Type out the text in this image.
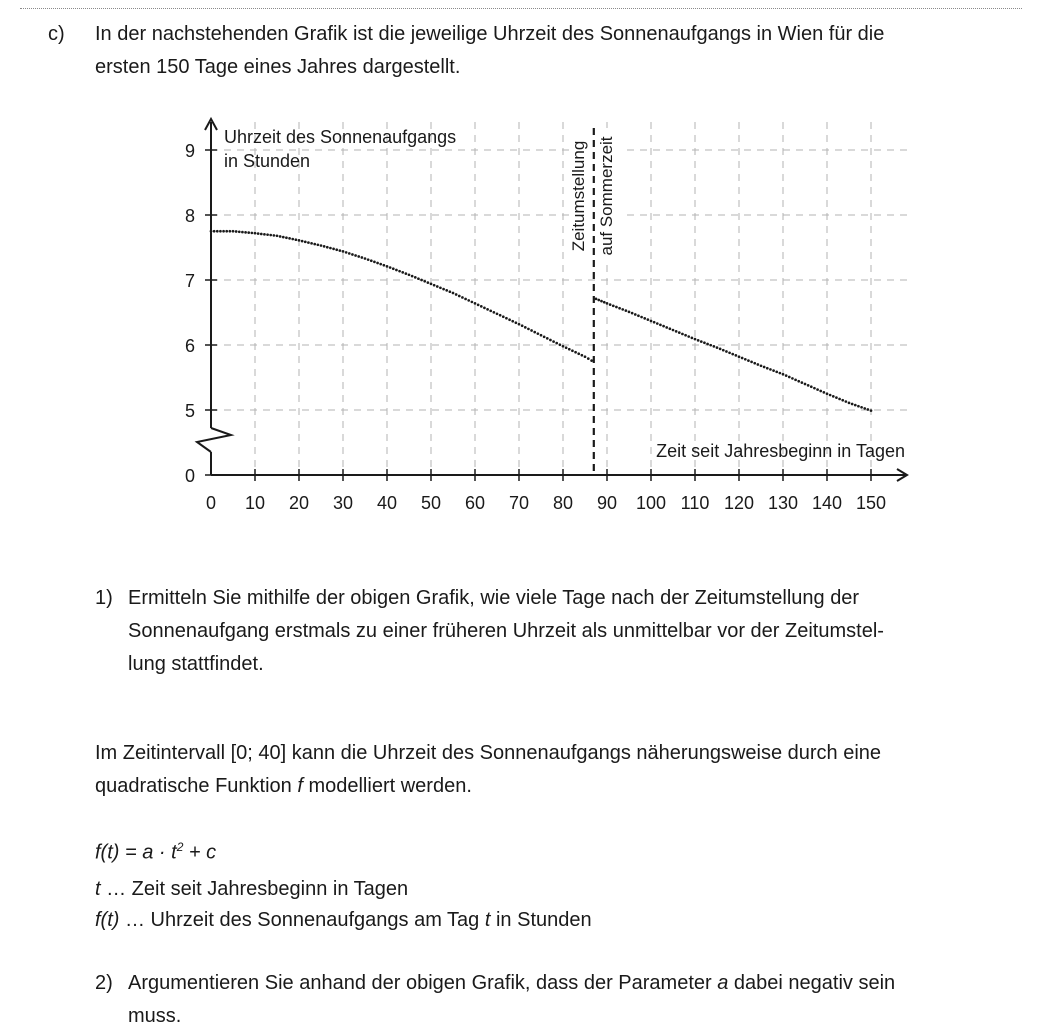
c) In der nachstehenden Grafik ist die jeweilige Uhrzeit des Sonnenaufgangs in Wien für die
ersten 150 Tage eines Jahres dargestellt.
0 10 20 30 40 50 60 70 80 90 100 110 120 130 140 150
0
5
6
7
8
9
Uhrzeit des Sonnenaufgangs
in Stunden
Zeit seit Jahresbeginn in Tagen
Zeitumstellung auf Sommerzeit
1) Ermitteln Sie mithilfe der obigen Grafik, wie viele Tage nach der Zeitumstellung der
Sonnenaufgang erstmals zu einer früheren Uhrzeit als unmittelbar vor der Zeitumstel-
lung stattfindet.
Im Zeitintervall [0; 40] kann die Uhrzeit des Sonnenaufgangs näherungsweise durch eine
quadratische Funktion f modelliert werden.
$f(t) = a \cdot t^2 + c$
t … Zeit seit Jahresbeginn in Tagen
f(t) … Uhrzeit des Sonnenaufgangs am Tag t in Stunden
2) Argumentieren Sie anhand der obigen Grafik, dass der Parameter a dabei negativ sein
muss.
